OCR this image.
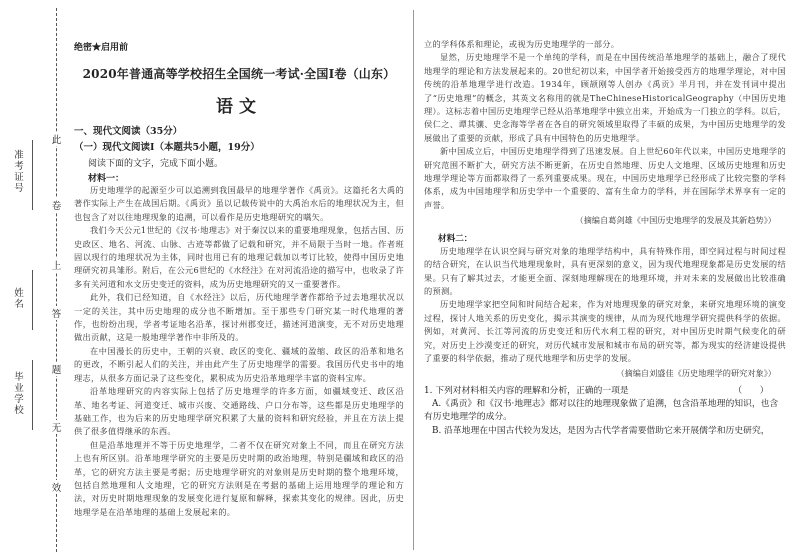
准考证号
姓名
毕业学校
此
卷
上
答
题
无
效
绝密★启用前
2020年普通高等学校招生全国统一考试·全国Ⅰ卷（山东）
语文
一、现代文阅读（35分）
（一）现代文阅读Ⅰ（本题共5小题，19分）
阅读下面的文字，完成下面小题。
材料一：

历史地理学的起源至少可以追溯到我国最早的地理学著作《禹贡》。这篇托名大禹的著作实际上产生在战国后期。《禹贡》虽以记载传说中的大禹治水后的地理状况为主，但也包含了对以往地理现象的追溯，可以看作是历史地理研究的嚆矢。

我们今天公元1世纪的《汉书·地理志》对于秦汉以来的重要地理现象，包括古国、历史政区、地名、河流、山脉、古迹等都做了记载和研究，并不局限于当时一地。作者班固以现行的地理状况为主体，同时也用已有的地理记载加以考订比较，使得中国历史地理研究初具雏形。附后，在公元6世纪的《水经注》在对河流沿途的描写中，也收录了许多有关河道和水文历史变迁的资料，成为历史地理研究的又一重要著作。

此外，我们已经知道，自《水经注》以后，历代地理学著作都给予过去地理状况以一定的关注，其中历史地理的成分也不断增加。至于那些专门研究某一时代地理的著作，也纷纷出现，学者考证地名沿革，探讨州郡变迁，描述河道演变，无不对历史地理做出贡献，这是一般地理学著作中非所及的。

在中国漫长的历史中，王朝的兴衰、政区的变化、疆域的盈缩、政区的沿革和地名的更改，不断引起人们的关注，并由此产生了历史地理学的需要。我国历代史书中的地理志，从很多方面记录了这些变化，累积成为历史沿革地理学丰富的资料宝库。

沿革地理研究的内容实际上包括了历史地理学的许多方面，如疆域变迁、政区沿革、地名考证、河道变迁、城市兴废、交通路线、户口分布等，这些都是历史地理学的基础工作，也为后来的历史地理学研究积累了大量的资料和研究经验，并且在方法上提供了很多值得继承的东西。

但是沿革地理并不等于历史地理学，二者不仅在研究对象上不同，而且在研究方法上也有所区别。沿革地理学研究的主要是历史时期的政治地理，特别是疆域和政区的沿革，它的研究方法主要是考据；历史地理学研究的对象则是历史时期的整个地理环境，包括自然地理和人文地理，它的研究方法则是在考据的基础上运用地理学的理论和方法，对历史时期地理现象的发展变化进行复原和解释，探索其变化的规律。因此，历史地理学是在沿革地理的基础上发展起来的。

立的学科体系和理论，或视为历史地理学的一部分。

显然，历史地理学不是一个单纯的学科，而是在中国传统沿革地理学的基础上，融合了现代地理学的理论和方法发展起来的。20世纪初以来，中国学者开始接受西方的地理学理论，对中国传统的沿革地理学进行改造。1934年，顾颉刚等人创办《禹贡》半月刊，并在发刊词中提出了“历史地理”的概念，其英文名称用的就是TheChineseHistoricalGeography（中国历史地理）。这标志着中国历史地理学已经从沿革地理学中独立出来，开始成为一门独立的学科。以后，侯仁之、谭其骧、史念海等学者在各自的研究领域里取得了丰硕的成果，为中国历史地理学的发展做出了重要的贡献，形成了具有中国特色的历史地理学。

新中国成立后，中国历史地理学得到了迅速发展。自上世纪60年代以来，中国历史地理学的研究范围不断扩大，研究方法不断更新，在历史自然地理、历史人文地理、区域历史地理和历史地理学理论等方面都取得了一系列重要成果。现在，中国历史地理学已经形成了比较完整的学科体系，成为中国地理学和历史学中一个重要的、富有生命力的学科，并在国际学术界享有一定的声誉。

（摘编自葛剑雄《中国历史地理学的发展及其新趋势》）
材料二：

历史地理学在认识空间与研究对象的地理学结构中，具有特殊作用，即空间过程与时间过程的结合研究，在认识当代地理现象时，具有更深刻的意义，因为现代地理现象都是历史发展的结果。只有了解其过去，才能更全面、深刻地理解现在的地理环境，并对未来的发展做出比较准确的预测。

历史地理学家把空间和时间结合起来，作为对地理现象的研究对象，来研究地理环境的演变过程，探讨人地关系的历史变化，揭示其演变的规律，从而为现代地理学研究提供科学的依据。例如，对黄河、长江等河流的历史变迁和历代水利工程的研究，对中国历史时期气候变化的研究，对历史上沙漠变迁的研究，对历代城市发展和城市布局的研究等，都为现实的经济建设提供了重要的科学依据，推动了现代地理学和历史学的发展。

（摘编自刘盛佳《历史地理学的研究对象》）
1. 下列对材料相关内容的理解和分析，正确的一项是	（　　）
A.《禹贡》和《汉书·地理志》都对以往的地理现象做了追溯，包含沿革地理的知识，也含有历史地理学的成分。
B. 沿革地理在中国古代较为发达，是因为古代学者需要借助它来开展儒学和历史研究，
